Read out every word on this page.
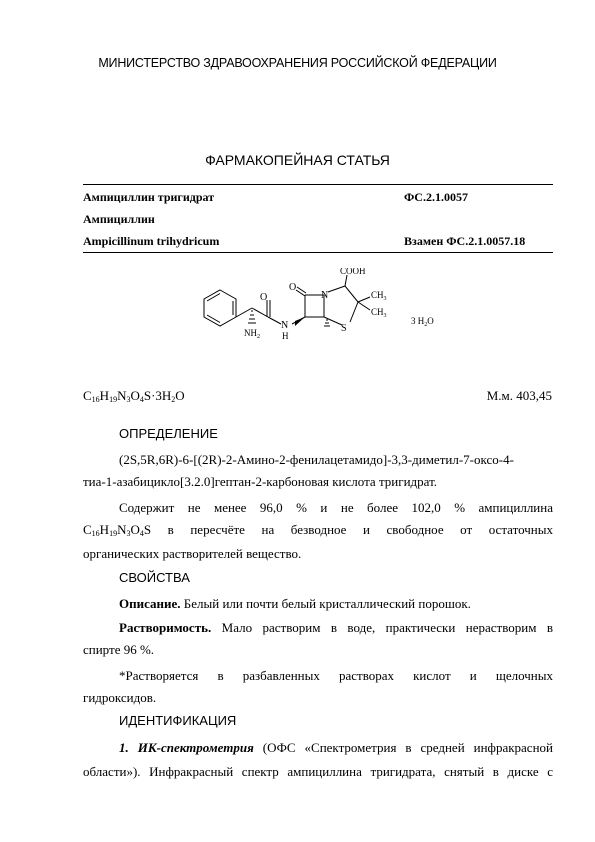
МИНИСТЕРСТВО ЗДРАВООХРАНЕНИЯ РОССИЙСКОЙ ФЕДЕРАЦИИ
ФАРМАКОПЕЙНАЯ СТАТЬЯ
Ампициллин тригидрат	ФС.2.1.0057
Ампициллин
Ampicillinum trihydricum	Взамен ФС.2.1.0057.18
O
O
N
N
H
S
COOH
$CH_3$
$CH_3$
$NH_2$
3 $H_2O$
$C_{16}H_{19}N_3O_4S\cdot 3H_2O$	М.м. 403,45
ОПРЕДЕЛЕНИЕ
(2S,5R,6R)-6-[(2R)-2-Амино-2-фенилацетамидо]-3,3-диметил-7-оксо-4-
тиа-1-азабицикло[3.2.0]гептан-2-карбоновая кислота тригидрат.
Содержит не менее 96,0 % и не более 102,0 % ампициллина
$C_{16}H_{19}N_3O_4S$ в пересчёте на безводное и свободное от остаточных
органических растворителей вещество.
СВОЙСТВА
Описание. Белый или почти белый кристаллический порошок.
Растворимость. Мало растворим в воде, практически нерастворим в
спирте 96 %.
*Растворяется в разбавленных растворах кислот и щелочных
гидроксидов.
ИДЕНТИФИКАЦИЯ
1. ИК-спектрометрия (ОФС «Спектрометрия в средней инфракрасной
области»). Инфракрасный спектр ампициллина тригидрата, снятый в диске с
